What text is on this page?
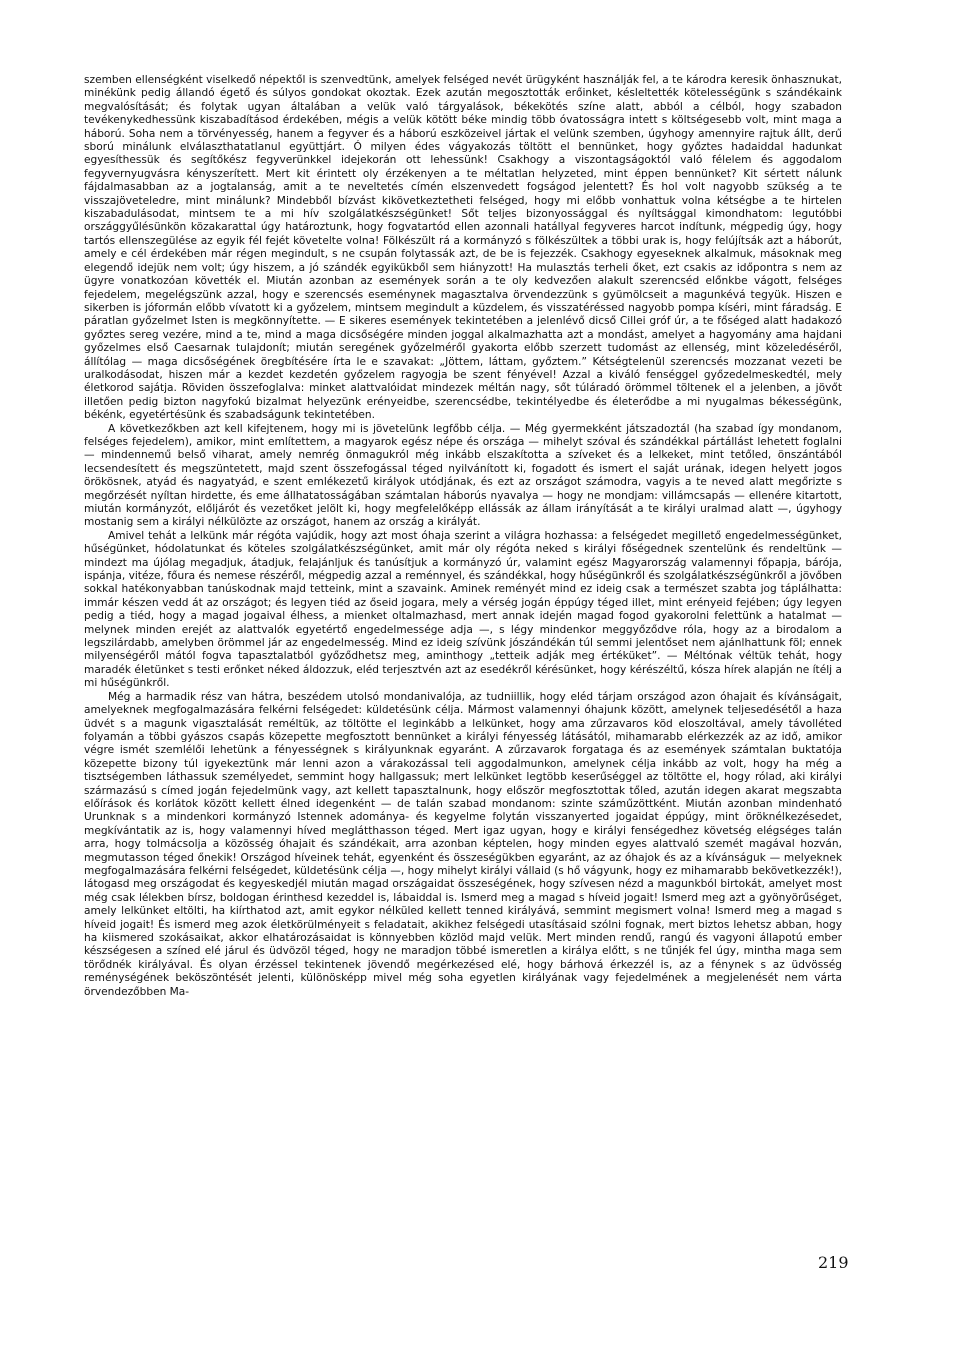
szemben ellenségként viselkedő népektől is szenvedtünk, amelyek felséged nevét ürügyként használják fel, a te károdra keresik önhasznukat, minékünk pedig állandó égető és súlyos gondokat okoztak. Ezek azután megosztották erőinket, késleltették kötelességünk s szándékaink megvalósítását; és folytak ugyan általában a velük való tárgyalások, békekötés színe alatt, abból a célból, hogy szabadon tevékenykedhessünk kiszabadításod érdekében, mégis a velük kötött béke mindig több óvatosságra intett s költségesebb volt, mint maga a háború. Soha nem a törvényesség, hanem a fegyver és a háború eszközeivel jártak el velünk szemben, úgyhogy amennyire rajtuk állt, derű sború minálunk elválaszthatatlanul együttjárt. Ó milyen édes vágyakozás töltött el bennünket, hogy győztes hadaiddal hadunkat egyesíthessük és segítőkész fegyverünkkel idejekorán ott lehessünk! Csakhogy a viszontagságoktól való félelem és aggodalom fegyvernyugvásra kényszerített. Mert kit érintett oly érzékenyen a te méltatlan helyzeted, mint éppen bennünket? Kit sértett nálunk fájdalmasabban az a jogtalanság, amit a te neveltetés címén elszenvedett fogságod jelentett? És hol volt nagyobb szükség a te visszajöveteledre, mint minálunk? Mindebből bízvást kikövetkeztetheti felséged, hogy mi előbb vonhattuk volna kétségbe a te hirtelen kiszabadulásodat, mintsem te a mi hív szolgálatkészségünket! Sőt teljes bizonyossággal és nyíltsággal kimondhatom: legutóbbi országgyűlésünkön közakarattal úgy határoztunk, hogy fogvatartód ellen azonnali hatállyal fegyveres harcot indítunk, mégpedig úgy, hogy tartós ellenszegülése az egyik fél fejét követelte volna! Fölkészült rá a kormányzó s fölkészültek a többi urak is, hogy felújítsák azt a háborút, amely e cél érdekében már régen megindult, s ne csupán folytassák azt, de be is fejezzék. Csakhogy egyeseknek alkalmuk, másoknak meg elegendő idejük nem volt; úgy hiszem, a jó szándék egyikükből sem hiányzott! Ha mulasztás terheli őket, ezt csakis az időpontra s nem az ügyre vonatkozóan követték el. Miután azonban az események során a te oly kedvezően alakult szerencséd előnkbe vágott, felséges fejedelem, megelégszünk azzal, hogy e szerencsés eseménynek magasztalva örvendezzünk s gyümölcseit a magunkévá tegyük. Hiszen e sikerben is jóformán előbb vívatott ki a győzelem, mintsem megindult a küzdelem, és visszatéréssed nagyobb pompa kíséri, mint fáradság. E páratlan győzelmet Isten is megkönnyítette. — E sikeres események tekintetében a jelenlévő dicső Cillei gróf úr, a te főséged alatt hadakozó győztes sereg vezére, mind a te, mind a maga dicsőségére minden joggal alkalmazhatta azt a mondást, amelyet a hagyomány ama hajdani győzelmes első Caesarnak tulajdonít; miután seregének győzelméről gyakorta előbb szerzett tudomást az ellenség, mint közeledéséről, állítólag — maga dicsőségének öregbítésére írta le e szavakat: „Jöttem, láttam, győztem.” Kétségtelenül szerencsés mozzanat vezeti be uralkodásodat, hiszen már a kezdet kezdetén győzelem ragyogja be szent fényével! Azzal a kiváló fenséggel győzedelmeskedtél, mely életkorod sajátja. Röviden összefoglalva: minket alattvalóidat mindezek méltán nagy, sőt túláradó örömmel töltenek el a jelenben, a jövőt illetően pedig bizton nagyfokú bizalmat helyezünk erényeidbe, szerencsédbe, tekintélyedbe és életerődbe a mi nyugalmas békességünk, békénk, egyetértésünk és szabadságunk tekintetében.

A következőkben azt kell kifejtenem, hogy mi is jövetelünk legfőbb célja. — Még gyermekként játszadoztál (ha szabad így mondanom, felséges fejedelem), amikor, mint említettem, a magyarok egész népe és országa — mihelyt szóval és szándékkal pártállást lehetett foglalni — mindennemű belső viharat, amely nemrég önmagukról még inkább elszakította a szíveket és a lelkeket, mint tetőled, önszántából lecsendesített és megszüntetett, majd szent összefogással téged nyilvánított ki, fogadott és ismert el saját urának, idegen helyett jogos örökösnek, atyád és nagyatyád, e szent emlékezetű királyok utódjának, és ezt az országot számodra, vagyis a te neved alatt megőrizte s megőrzését nyíltan hirdette, és eme állhatatosságában számtalan háborús nyavalya — hogy ne mondjam: villámcsapás — ellenére kitartott, miután kormányzót, előljárót és vezetőket jelölt ki, hogy megfelelőképp ellássák az állam irányítását a te királyi uralmad alatt —, úgyhogy mostanig sem a királyi nélkülözte az országot, hanem az ország a királyát.

Amivel tehát a lelkünk már régóta vajúdik, hogy azt most óhaja szerint a világra hozhassa: a felségedet megillető engedelmességünket, hűségünket, hódolatunkat és köteles szolgálatkészségünket, amit már oly régóta neked s királyi főségednek szentelünk és rendeltünk — mindezt ma újólag megadjuk, átadjuk, felajánljuk és tanúsítjuk a kormányzó úr, valamint egész Magyarország valamennyi főpapja, bárója, ispánja, vitéze, főura és nemese részéről, mégpedig azzal a reménnyel, és szándékkal, hogy hűségünkről és szolgálatkészségünkről a jövőben sokkal hatékonyabban tanúskodnak majd tetteink, mint a szavaink. Aminek reményét mind ez ideig csak a természet szabta jog táplálhatta: immár készen vedd át az országot; és legyen tiéd az őseid jogara, mely a vérség jogán éppúgy téged illet, mint erényeid fejében; úgy legyen pedig a tiéd, hogy a magad jogaival élhess, a mienket oltalmazhasd, mert annak idején magad fogod gyakorolni felettünk a hatalmat — melynek minden erejét az alattvalók egyetértő engedelmessége adja —, s légy mindenkor meggyőződve róla, hogy az a birodalom a legszilárdabb, amelyben örömmel jár az engedelmesség. Mind ez ideig szívünk jószándékán túl semmi jelentőset nem ajánlhattunk föl; ennek milyenségéről mától fogva tapasztalatból győződhetsz meg, aminthogy „tetteik adják meg értéküket”. — Méltónak véltük tehát, hogy maradék életünket s testi erőnket néked áldozzuk, eléd terjesztvén azt az esedékről kérésünket, hogy kérészéltű, kósza hírek alapján ne ítélj a mi hűségünkről.

Még a harmadik rész van hátra, beszédem utolsó mondanivalója, az tudniillik, hogy eléd tárjam országod azon óhajait és kívánságait, amelyeknek megfogalmazására felkérni felségedet: küldetésünk célja. Mármost valamennyi óhajunk között, amelynek teljesedésétől a haza üdvét s a magunk vigasztalását reméltük, az töltötte el leginkább a lelkünket, hogy ama zűrzavaros köd eloszoltával, amely távolléted folyamán a többi gyászos csapás közepette megfosztott bennünket a királyi fényesség látásától, mihamarabb elérkezzék az az idő, amikor végre ismét szemlélői lehetünk a fényességnek s királyunknak egyaránt. A zűrzavarok forgataga és az események számtalan buktatója közepette bizony túl igyekeztünk már lenni azon a várakozással teli aggodalmunkon, amelynek célja inkább az volt, hogy ha még a tisztségemben láthassuk személyedet, semmint hogy hallgassuk; mert lelkünket legtöbb keserűséggel az töltötte el, hogy rólad, aki királyi származású s címed jogán fejedelmünk vagy, azt kellett tapasztalnunk, hogy először megfosztottak tőled, azután idegen akarat megszabta előírások és korlátok között kellett élned idegenként — de talán szabad mondanom: szinte száműzöttként. Miután azonban mindenható Urunknak s a mindenkori kormányzó Istennek adománya- és kegyelme folytán visszanyerted jogaidat éppúgy, mint öröknélkezésedet, megkívántatik az is, hogy valamennyi híved meglátthasson téged. Mert igaz ugyan, hogy e királyi fenségedhez követség elégséges talán arra, hogy tolmácsolja a közösség óhajait és szándékait, arra azonban képtelen, hogy minden egyes alattvaló szemét magával hozván, megmutasson téged őnekik! Országod híveinek tehát, egyenként és összeségükben egyaránt, az az óhajok és az a kívánságuk — melyeknek megfogalmazására felkérni felségedet, küldetésünk célja —, hogy mihelyt királyi vállaid (s hő vágyunk, hogy ez mihamarabb bekövetkezzék!), látogasd meg országodat és kegyeskedjél miután magad országaidat összeségének, hogy szívesen nézd a magunkból birtokát, amelyet most még csak lélekben bírsz, boldogan érinthesd kezeddel is, lábaiddal is. Ismerd meg a magad s híveid jogait! Ismerd meg azt a gyönyörűséget, amely lelkünket eltölti, ha kiírthatod azt, amit egykor nélküled kellett tenned királyává, semmint megismert volna! Ismerd meg a magad s híveid jogait! És ismerd meg azok életkörülményeit s feladatait, akikhez felségedi utasításaid szólni fognak, mert biztos lehetsz abban, hogy ha kiismered szokásaikat, akkor elhatározásaidat is könnyebben közlöd majd velük. Mert minden rendű, rangú és vagyoni állapotú ember készségesen a színed elé járul és üdvözöl téged, hogy ne maradjon többé ismeretlen a királya előtt, s ne tűnjék fel úgy, mintha maga sem törődnék királyával. És olyan érzéssel tekintenek jövendő megérkezésed elé, hogy bárhová érkezzél is, az a fénynek s az üdvösség reménységének beköszöntését jelenti, különösképp mivel még soha egyetlen királyának vagy fejedelmének a megjelenését nem várta örvendezőbben Ma-

219
